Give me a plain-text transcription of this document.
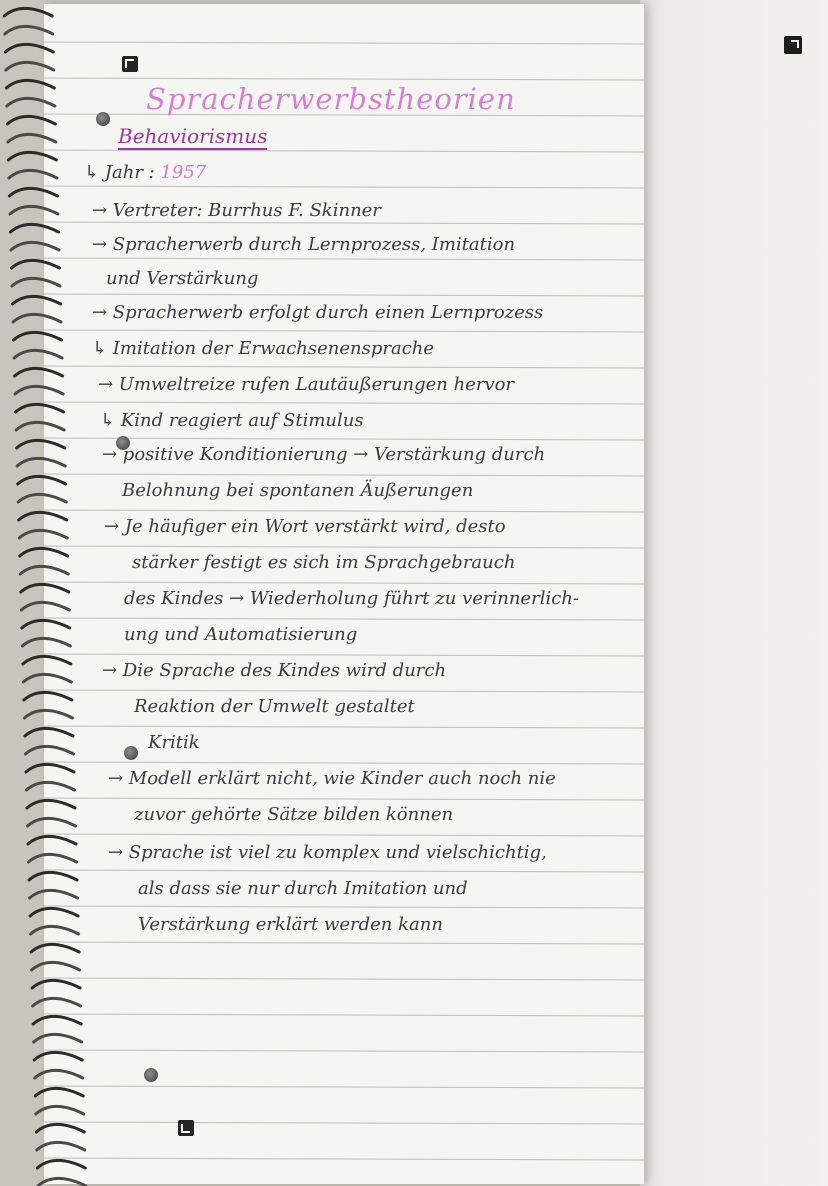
Spracherwerbstheorien
Behaviorismus
↳ Jahr : 1957
→ Vertreter: Burrhus F. Skinner
→ Spracherwerb durch Lernprozess, Imitation
und Verstärkung
→ Spracherwerb erfolgt durch einen Lernprozess
↳ Imitation der Erwachsenensprache
→ Umweltreize rufen Lautäußerungen hervor
↳ Kind reagiert auf Stimulus
→ positive Konditionierung → Verstärkung durch
Belohnung bei spontanen Äußerungen
→ Je häufiger ein Wort verstärkt wird, desto
stärker festigt es sich im Sprachgebrauch
des Kindes → Wiederholung führt zu verinnerlich-
ung und Automatisierung
→ Die Sprache des Kindes wird durch
Reaktion der Umwelt gestaltet
Kritik
→ Modell erklärt nicht, wie Kinder auch noch nie
zuvor gehörte Sätze bilden können
→ Sprache ist viel zu komplex und vielschichtig,
als dass sie nur durch Imitation und
Verstärkung erklärt werden kann
